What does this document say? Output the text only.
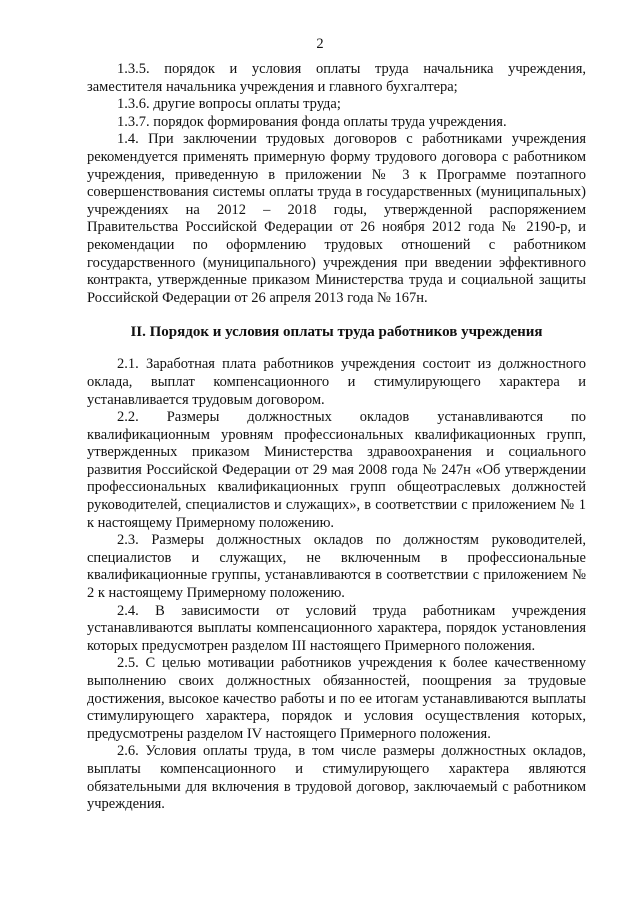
2

1.3.5. порядок и условия оплаты труда начальника учреждения, заместителя начальника учреждения и главного бухгалтера;

1.3.6. другие вопросы оплаты труда;

1.3.7. порядок формирования фонда оплаты труда учреждения.

1.4. При заключении трудовых договоров с работниками учреждения рекомендуется применять примерную форму трудового договора с работником учреждения, приведенную в приложении № 3 к Программе поэтапного совершенствования системы оплаты труда в государственных (муниципальных) учреждениях на 2012 – 2018 годы, утвержденной распоряжением Правительства Российской Федерации от 26 ноября 2012 года № 2190-р, и рекомендации по оформлению трудовых отношений с работником государственного (муниципального) учреждения при введении эффективного контракта, утвержденные приказом Министерства труда и социальной защиты Российской Федерации от 26 апреля 2013 года № 167н.

II. Порядок и условия оплаты труда работников учреждения

2.1. Заработная плата работников учреждения состоит из должностного оклада, выплат компенсационного и стимулирующего характера и устанавливается трудовым договором.

2.2. Размеры должностных окладов устанавливаются по квалификационным уровням профессиональных квалификационных групп, утвержденных приказом Министерства здравоохранения и социального развития Российской Федерации от 29 мая 2008 года № 247н «Об утверждении профессиональных квалификационных групп общеотраслевых должностей руководителей, специалистов и служащих», в соответствии с приложением № 1 к настоящему Примерному положению.

2.3. Размеры должностных окладов по должностям руководителей, специалистов и служащих, не включенным в профессиональные квалификационные группы, устанавливаются в соответствии с приложением № 2 к настоящему Примерному положению.

2.4. В зависимости от условий труда работникам учреждения устанавливаются выплаты компенсационного характера, порядок установления которых предусмотрен разделом III настоящего Примерного положения.

2.5. С целью мотивации работников учреждения к более качественному выполнению своих должностных обязанностей, поощрения за трудовые достижения, высокое качество работы и по ее итогам устанавливаются выплаты стимулирующего характера, порядок и условия осуществления которых, предусмотрены разделом IV настоящего Примерного положения.

2.6. Условия оплаты труда, в том числе размеры должностных окладов, выплаты компенсационного и стимулирующего характера являются обязательными для включения в трудовой договор, заключаемый с работником учреждения.
